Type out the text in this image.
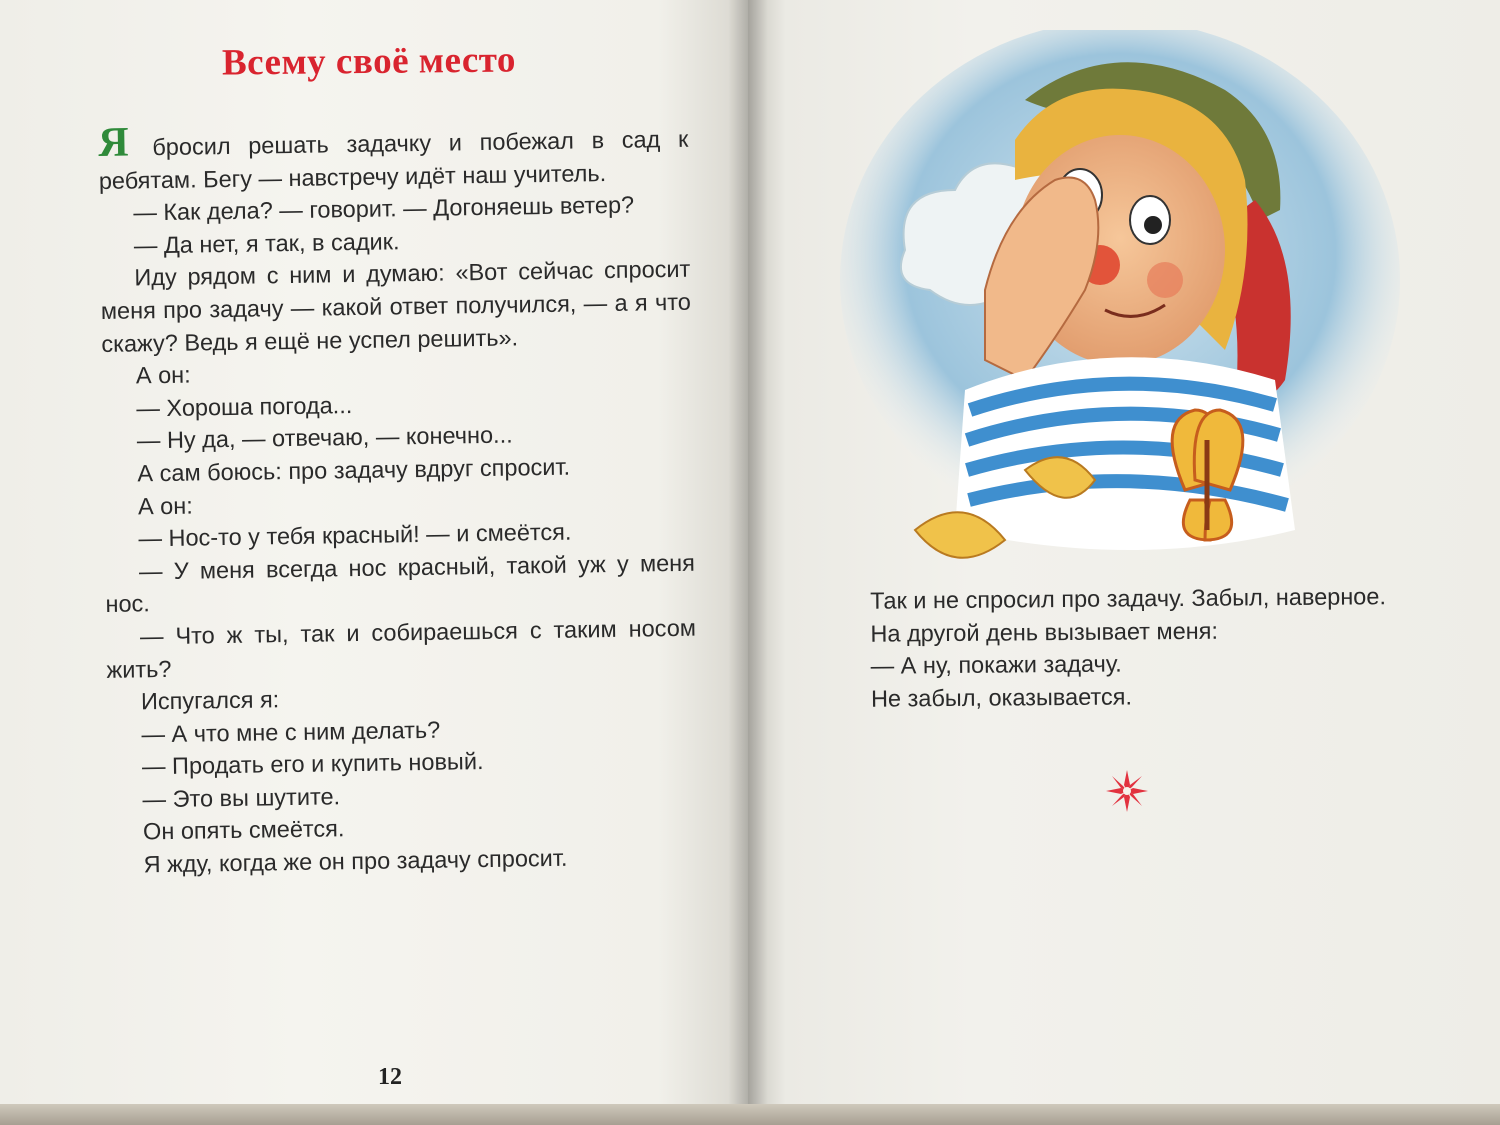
Всему своё место

Я бросил решать задачку и побежал в сад к ребятам. Бегу — навстречу идёт наш учитель.

— Как дела? — говорит. — Догоняешь ветер?

— Да нет, я так, в садик.

Иду рядом с ним и думаю: «Вот сейчас спросит меня про задачу — какой ответ получился, — а я что скажу? Ведь я ещё не успел решить».

А он:

— Хороша погода...

— Ну да, — отвечаю, — конечно...

А сам боюсь: про задачу вдруг спросит.

А он:

— Нос-то у тебя красный! — и смеётся.

— У меня всегда нос красный, такой уж у меня нос.

— Что ж ты, так и собираешься с таким носом жить?

Испугался я:

— А что мне с ним делать?

— Продать его и купить новый.

— Это вы шутите.

Он опять смеётся.

Я жду, когда же он про задачу спросит.

12

Так и не спросил про задачу. Забыл, наверное.

На другой день вызывает меня:

— А ну, покажи задачу.

Не забыл, оказывается.
